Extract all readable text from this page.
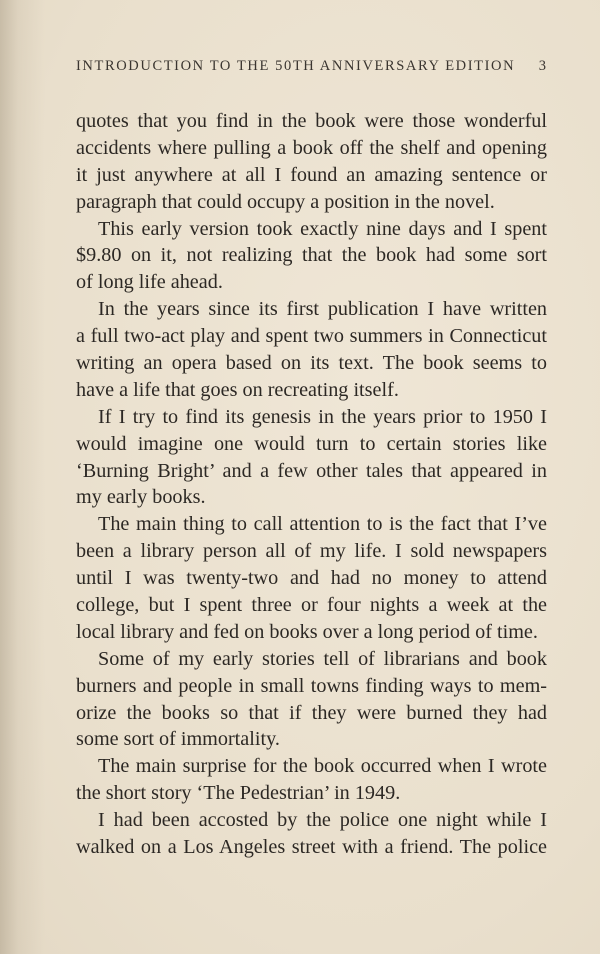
INTRODUCTION TO THE 50TH ANNIVERSARY EDITION 3
quotes that you find in the book were those wonderful
accidents where pulling a book off the shelf and opening
it just anywhere at all I found an amazing sentence or
paragraph that could occupy a position in the novel.
This early version took exactly nine days and I spent
$9.80 on it, not realizing that the book had some sort
of long life ahead.
In the years since its first publication I have written
a full two-act play and spent two summers in Connecticut
writing an opera based on its text. The book seems to
have a life that goes on recreating itself.
If I try to find its genesis in the years prior to 1950 I
would imagine one would turn to certain stories like
‘Burning Bright’ and a few other tales that appeared in
my early books.
The main thing to call attention to is the fact that I’ve
been a library person all of my life. I sold newspapers
until I was twenty-two and had no money to attend
college, but I spent three or four nights a week at the
local library and fed on books over a long period of time.
Some of my early stories tell of librarians and book
burners and people in small towns finding ways to mem-
orize the books so that if they were burned they had
some sort of immortality.
The main surprise for the book occurred when I wrote
the short story ‘The Pedestrian’ in 1949.
I had been accosted by the police one night while I
walked on a Los Angeles street with a friend. The police
